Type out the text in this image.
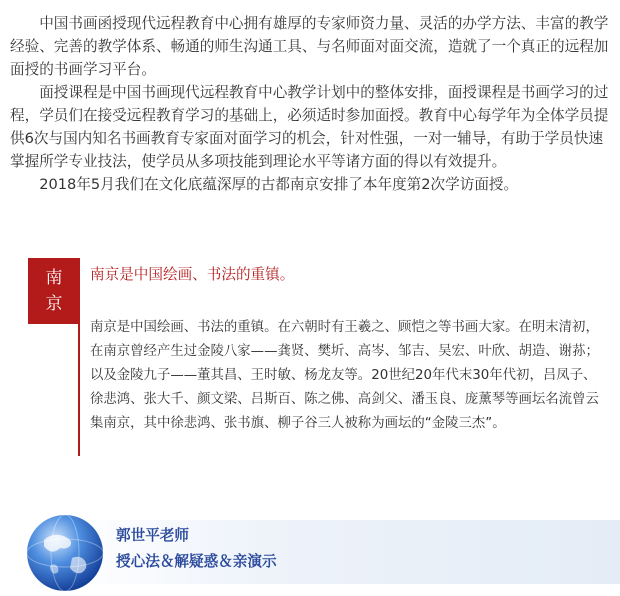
中国书画函授现代远程教育中心拥有雄厚的专家师资力量、灵活的办学方法、丰富的教学经验、完善的教学体系、畅通的师生沟通工具、与名师面对面交流，造就了一个真正的远程加面授的书画学习平台。

面授课程是中国书画现代远程教育中心教学计划中的整体安排，面授课程是书画学习的过程，学员们在接受远程教育学习的基础上，必须适时参加面授。教育中心每学年为全体学员提供6次与国内知名书画教育专家面对面学习的机会，针对性强，一对一辅导，有助于学员快速掌握所学专业技法，使学员从多项技能到理论水平等诸方面的得以有效提升。

2018年5月我们在文化底蕴深厚的古都南京安排了本年度第2次学访面授。

南
京
南京是中国绘画、书法的重镇。
南京是中国绘画、书法的重镇。在六朝时有王羲之、顾恺之等书画大家。在明末清初，在南京曾经产生过金陵八家——龚贤、樊圻、高岑、邹吉、吴宏、叶欣、胡造、谢荪；以及金陵九子——董其昌、王时敏、杨龙友等。20世纪20年代末30年代初，吕凤子、徐悲鸿、张大千、颜文梁、吕斯百、陈之佛、高剑父、潘玉良、庞薰琴等画坛名流曾云集南京，其中徐悲鸿、张书旗、柳子谷三人被称为画坛的“金陵三杰”。
郭世平老师
授心法＆解疑惑＆亲演示
